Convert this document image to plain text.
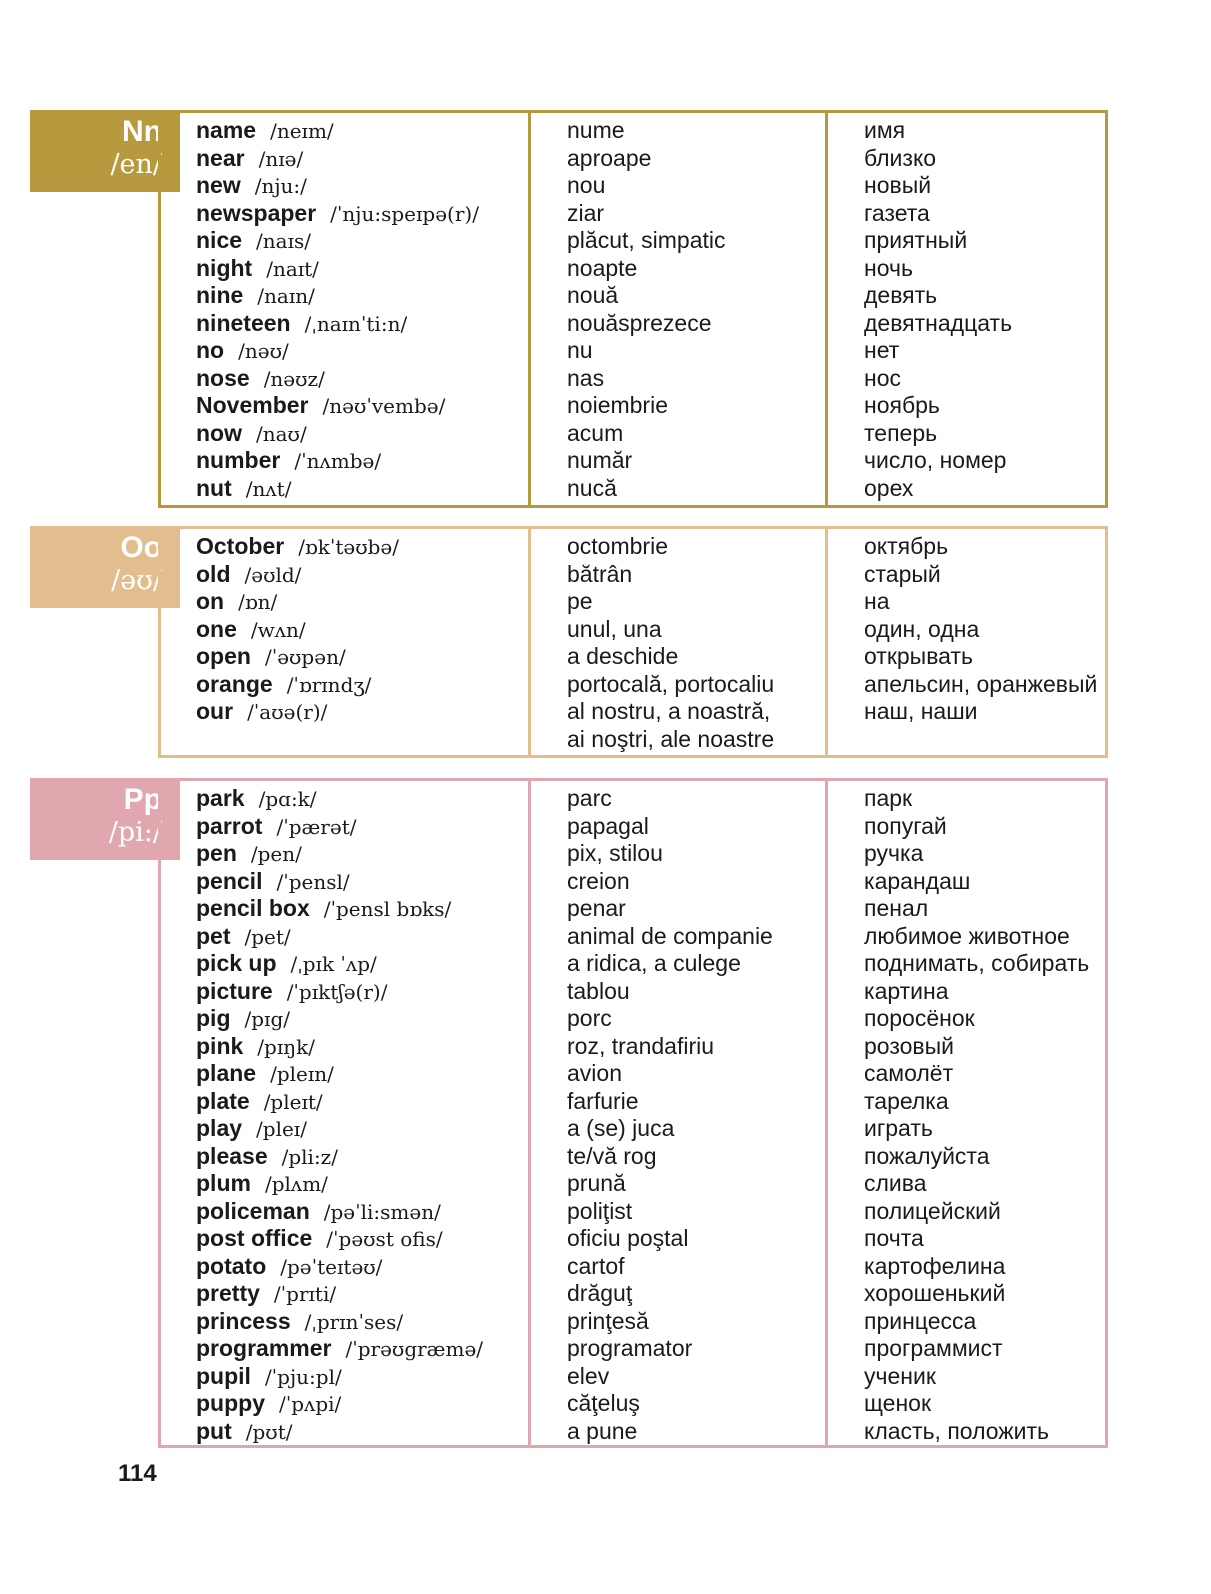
Nn
/en/
name /neɪm/
near /nɪə/
new /nju:/
newspaper /ˈnju:speɪpə(r)/
nice /naɪs/
night /naɪt/
nine /naɪn/
nineteen /ˌnaɪnˈti:n/
no /nəʊ/
nose /nəʊz/
November /nəʊˈvembə/
now /naʊ/
number /ˈnʌmbə/
nut /nʌt/
nume
aproape
nou
ziar
plăcut, simpatic
noapte
nouă
nouăsprezece
nu
nas
noiembrie
acum
număr
nucă
имя
близко
новый
газета
приятный
ночь
девять
девятнадцать
нет
нос
ноябрь
теперь
число, номер
орех
Oo
/əʊ/
October /ɒkˈtəʊbə/
old /əʊld/
on /ɒn/
one /wʌn/
open /ˈəʊpən/
orange /ˈɒrɪndʒ/
our /ˈaʊə(r)/
octombrie
bătrân
pe
unul, una
a deschide
portocală, portocaliu
al nostru, a noastră,
ai noştri, ale noastre
октябрь
старый
на
один, одна
открывать
апельсин, оранжевый
наш, наши
Pp
/pi:/
park /pɑ:k/
parrot /ˈpærət/
pen /pen/
pencil /ˈpensl/
pencil box /ˈpensl bɒks/
pet /pet/
pick up /ˌpɪk ˈʌp/
picture /ˈpɪktʃə(r)/
pig /pɪg/
pink /pɪŋk/
plane /pleɪn/
plate /pleɪt/
play /pleɪ/
please /pli:z/
plum /plʌm/
policeman /pəˈli:smən/
post office /ˈpəʊst ofis/
potato /pəˈteɪtəʊ/
pretty /ˈprɪti/
princess /ˌprɪnˈses/
programmer /ˈprəʊgræmə/
pupil /ˈpju:pl/
puppy /ˈpʌpi/
put /pʊt/
parc
papagal
pix, stilou
creion
penar
animal de companie
a ridica, a culege
tablou
porc
roz, trandafiriu
avion
farfurie
a (se) juca
te/vă rog
prună
poliţist
oficiu poştal
cartof
drăguţ
prinţesă
programator
elev
căţeluş
a pune
парк
попугай
ручка
карандаш
пенал
любимое животное
поднимать, собирать
картина
поросёнок
розовый
самолёт
тарелка
играть
пожалуйста
слива
полицейский
почта
картофелина
хорошенький
принцесса
программист
ученик
щенок
класть, положить
114
